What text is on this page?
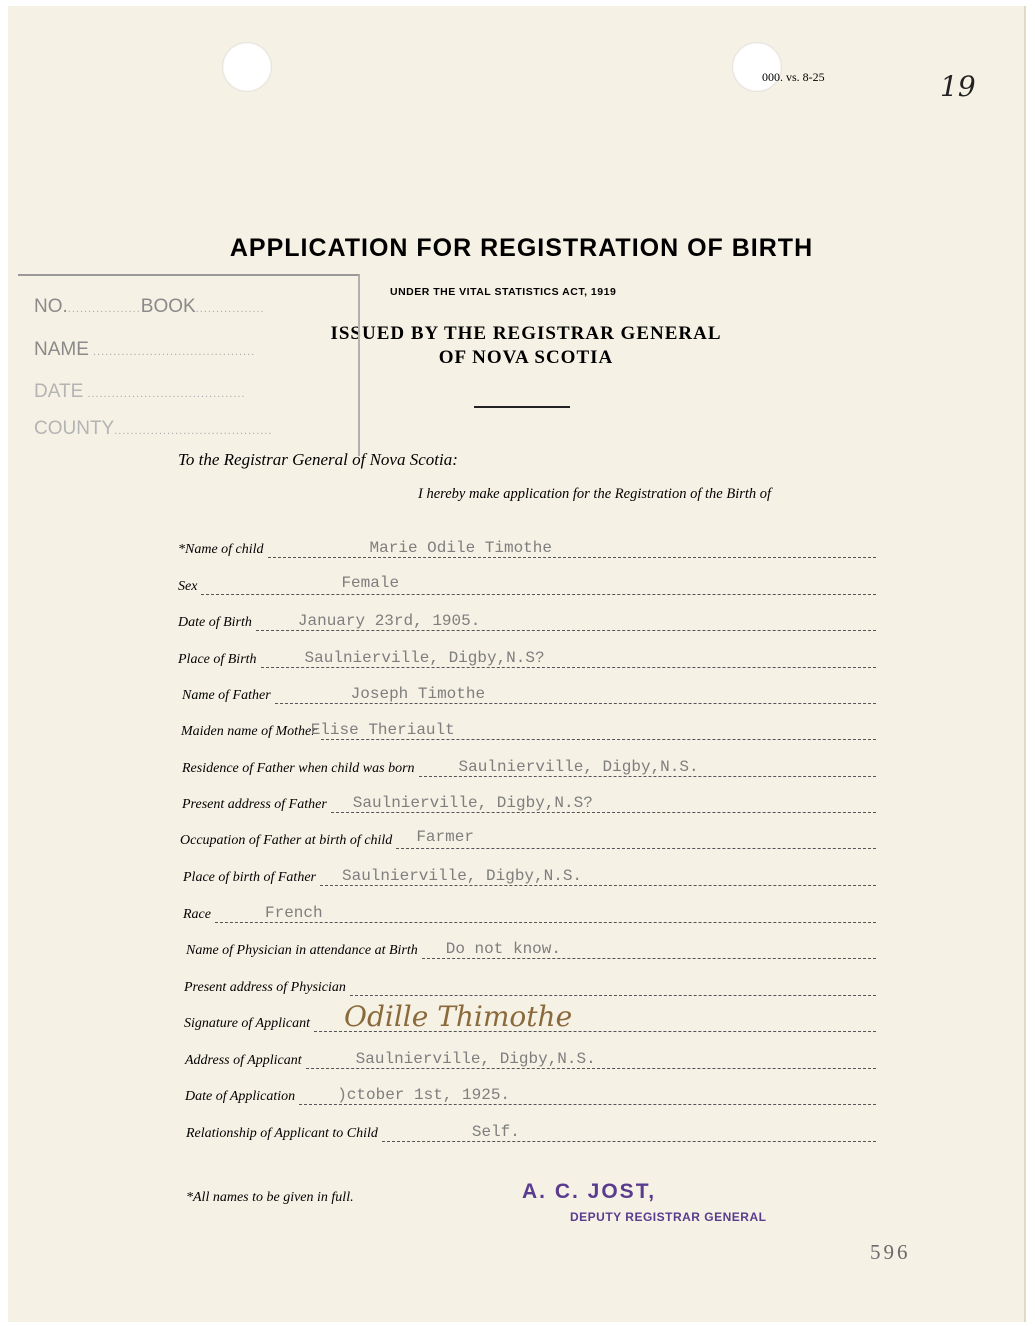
000. vs. 8-25	19
APPLICATION FOR REGISTRATION OF BIRTH
UNDER THE VITAL STATISTICS ACT, 1919
ISSUED BY THE REGISTRAR GENERAL
OF NOVA SCOTIA
NO...................BOOK.................
NAME ........................................
DATE .......................................
COUNTY.......................................
To the Registrar General of Nova Scotia:
I hereby make application for the Registration of the Birth of
*Name of child	Marie Odile Timothe
Sex	Female
Date of Birth	January 23rd, 1905.
Place of Birth	Saulnierville, Digby,N.S?
Name of Father	Joseph Timothe
Maiden name of Mother
Elise Theriault
Residence of Father when child was born	Saulnierville, Digby,N.S.
Present address of Father Saulnierville, Digby,N.S?
Occupation of Father at birth of child Farmer
Place of birth of Father Saulnierville, Digby,N.S.
Race	French
Name of Physician in attendance at Birth Do not know.
Present address of Physician
Signature of Applicant Odille Thimothe
Address of Applicant	Saulnierville, Digby,N.S.
Date of Application	)ctober 1st, 1925.
Relationship of Applicant to Child	Self.
*All names to be given in full.	A. C. JOST,
DEPUTY REGISTRAR GENERAL
596
